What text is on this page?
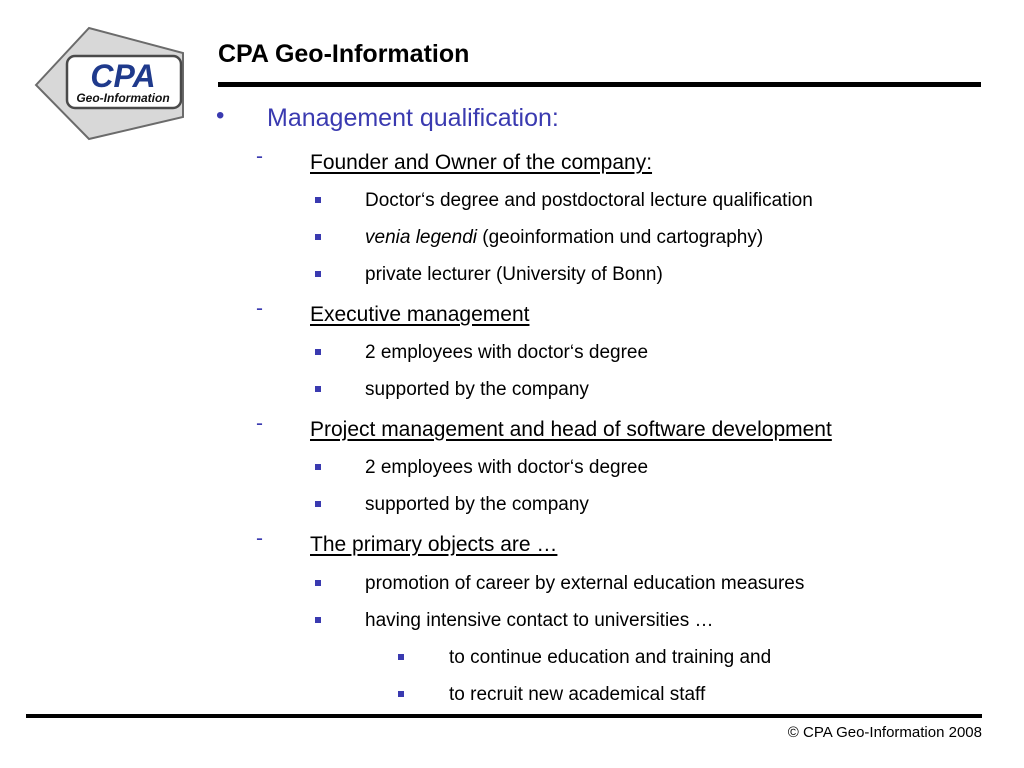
CPA
Geo-Information
CPA Geo-Information
• Management qualification:
- Founder and Owner of the company:
Doctor‘s degree and postdoctoral lecture qualification
venia legendi (geoinformation und cartography)
private lecturer (University of Bonn)
- Executive management
2 employees with doctor‘s degree
supported by the company
- Project management and head of software development
2 employees with doctor‘s degree
supported by the company
- The primary objects are …
promotion of career by external education measures
having intensive contact to universities …
to continue education and training and
to recruit new academical staff
© CPA Geo-Information 2008
